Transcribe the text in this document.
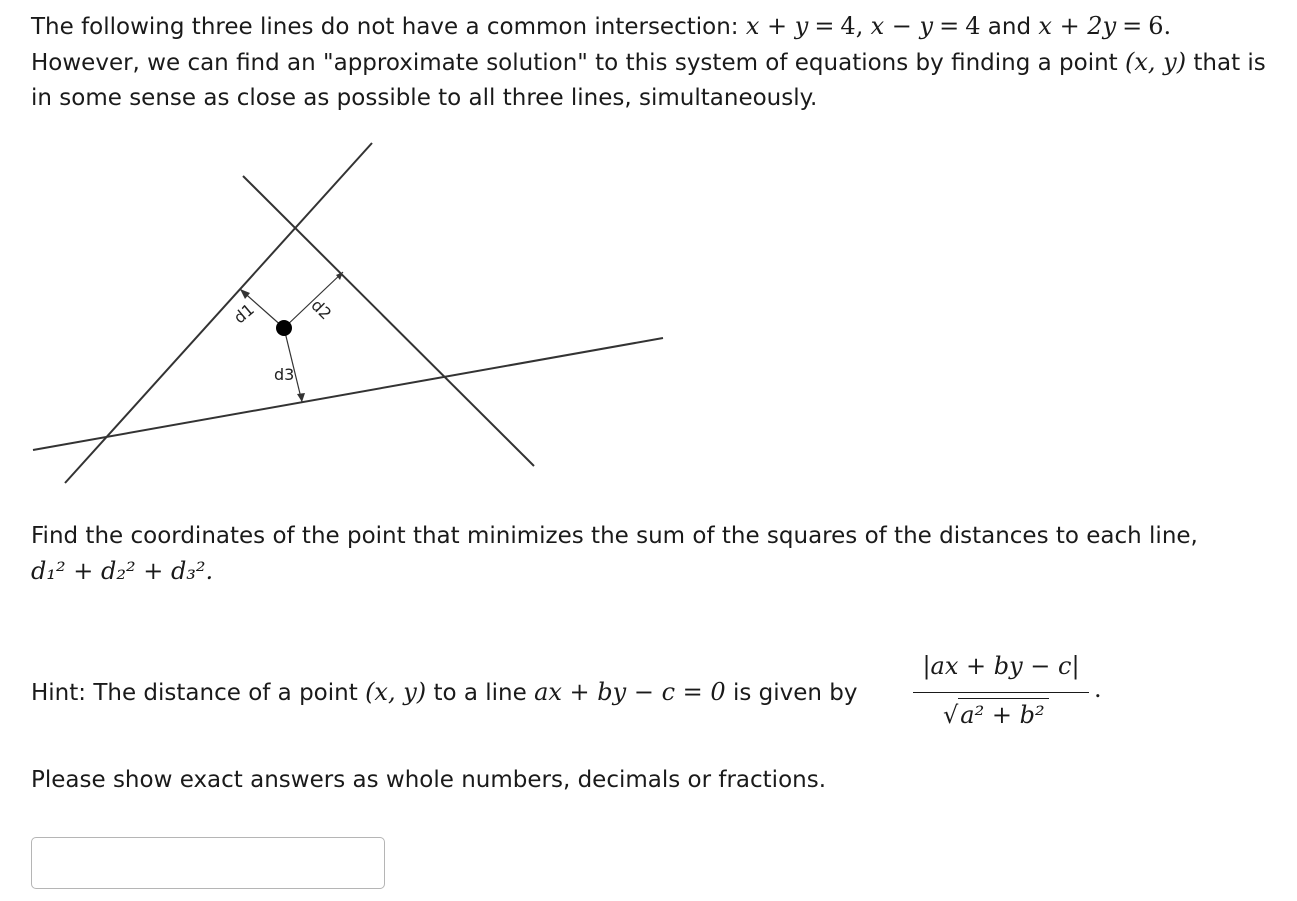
The following three lines do not have a common intersection: x + y = 4, x − y = 4 and x + 2y = 6.
However, we can find an "approximate solution" to this system of equations by finding a point (x, y) that is
in some sense as close as possible to all three lines, simultaneously.
d1	d2
d3
Find the coordinates of the point that minimizes the sum of the squares of the distances to each line,
d₁² + d₂² + d₃².
Hint: The distance of a point (x, y) to a line ax + by − c = 0 is given by
|ax + by − c|
√a² + b²
.
Please show exact answers as whole numbers, decimals or fractions.
